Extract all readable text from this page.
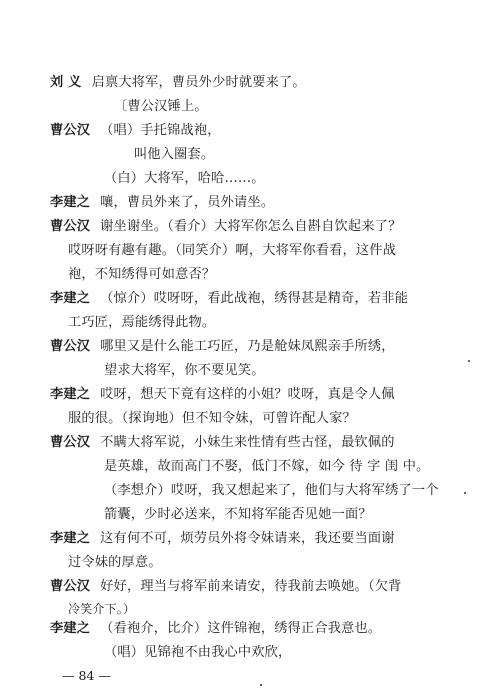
刘 义 启禀大将军，曹员外少时就要来了。
〔曹公汉锤上。
曹公汉 （唱）手托锦战袍，
叫他入圈套。
（白）大将军，哈哈……。
李建之 嚷，曹员外来了，员外请坐。
曹公汉 谢坐谢坐。（看介）大将军你怎么自斟自饮起来了？
哎呀呀有趣有趣。（同笑介）啊，大将军你看看，这件战
袍，不知绣得可如意否？
李建之 （惊介）哎呀呀，看此战袍，绣得甚是精奇，若非能
工巧匠，焉能绣得此物。
曹公汉 哪里又是什么能工巧匠，乃是舱妹凤熙亲手所绣，
望求大将军，你不要见笑。
李建之 哎呀，想天下竟有这样的小姐？哎呀，真是令人佩
服的很。（探询地）但不知令妹，可曾许配人家？
曹公汉 不瞒大将军说，小妹生来性情有些古怪，最钦佩的
是英雄，故而高门不娶，低门不嫁，如今 待 字 闺 中。
（李想介）哎呀，我又想起来了，他们与大将军绣了一个
箭囊，少时必送来，不知将军能否见她一面？
李建之 这有何不可，烦劳员外将令妹请来，我还要当面谢
过令妹的厚意。
曹公汉 好好，理当与将军前来请安，待我前去唤她。（欠背
冷笑介下。）
李建之 （看袍介，比介）这件锦袍，绣得正合我意也。
（唱）见锦袍不由我心中欢欣，
— 84 —
